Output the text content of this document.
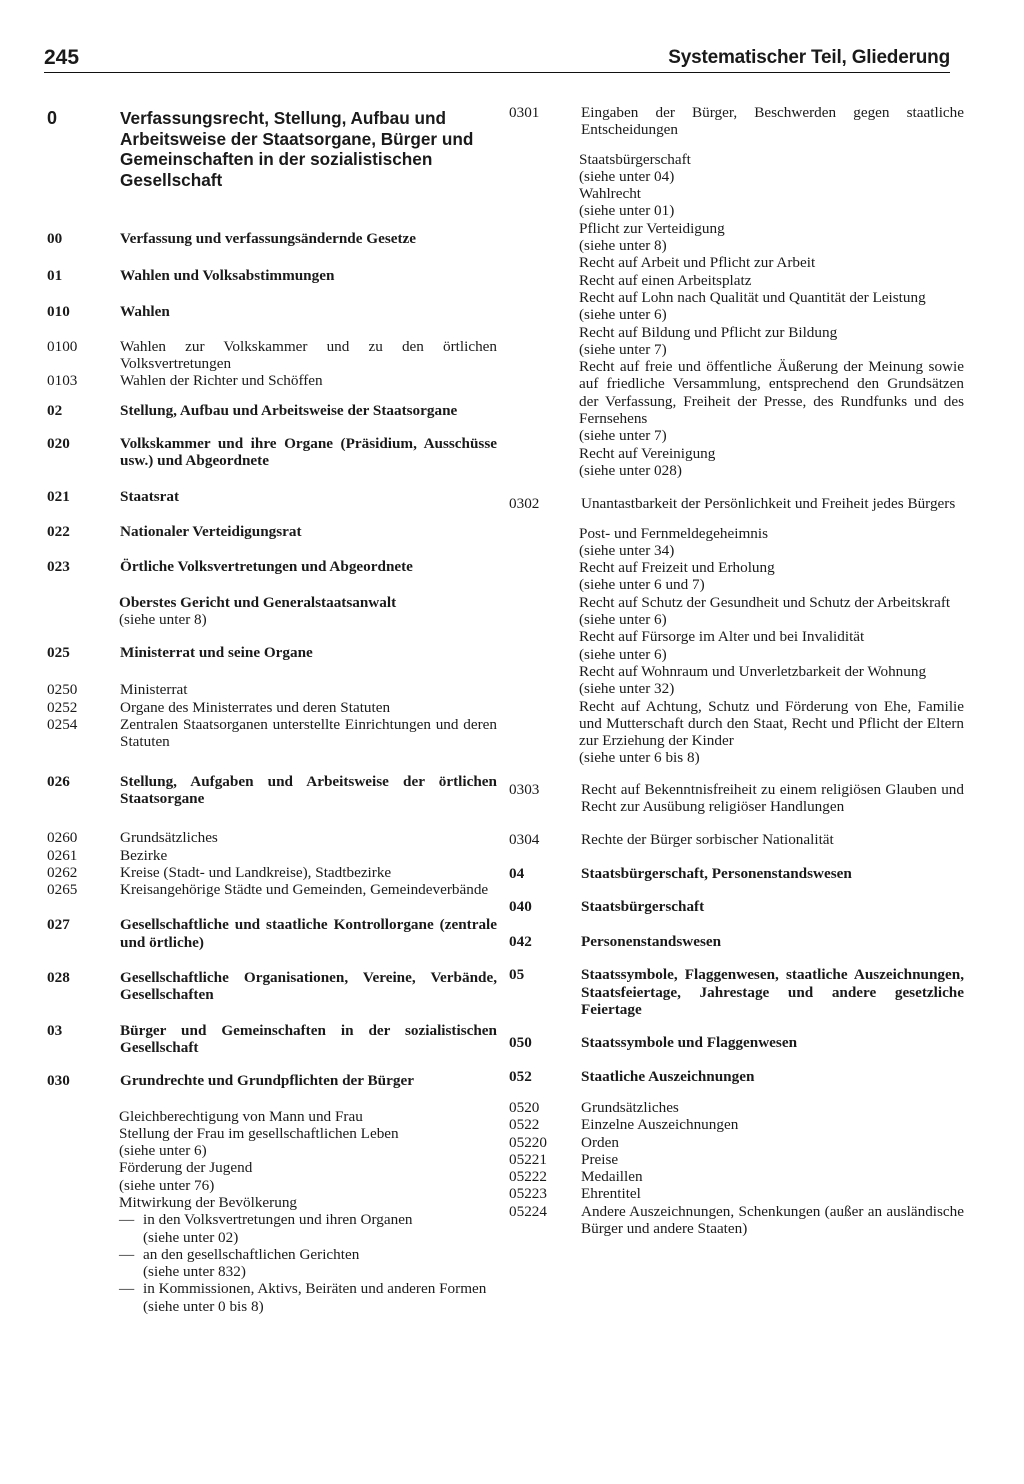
245	Systematischer Teil, Gliederung
0	Verfassungsrecht, Stellung, Aufbau und Arbeitsweise der Staatsorgane, Bürger und Gemeinschaften in der sozialistischen Gesellschaft
00	Verfassung und verfassungsändernde Gesetze
01	Wahlen und Volksabstimmungen
010	Wahlen
0100	Wahlen zur Volkskammer und zu den örtlichen Volksvertretungen
0103	Wahlen der Richter und Schöffen
02	Stellung, Aufbau und Arbeitsweise der Staatsorgane
020	Volkskammer und ihre Organe (Präsidium, Ausschüsse usw.) und Abgeordnete
021	Staatsrat
022	Nationaler Verteidigungsrat
023	Örtliche Volksvertretungen und Abgeordnete
Oberstes Gericht und Generalstaatsanwalt
(siehe unter 8)
025	Ministerrat und seine Organe
0250	Ministerrat
0252	Organe des Ministerrates und deren Statuten
0254	Zentralen Staatsorganen unterstellte Einrichtungen und deren Statuten
026	Stellung, Aufgaben und Arbeitsweise der örtlichen Staatsorgane
0260	Grundsätzliches
0261	Bezirke
0262	Kreise (Stadt- und Landkreise), Stadtbezirke
0265	Kreisangehörige Städte und Gemeinden, Gemeindeverbände
027	Gesellschaftliche und staatliche Kontrollorgane (zentrale und örtliche)
028	Gesellschaftliche Organisationen, Vereine, Verbände, Gesellschaften
03	Bürger und Gemeinschaften in der sozialistischen Gesellschaft
030	Grundrechte und Grundpflichten der Bürger
Gleichberechtigung von Mann und Frau
Stellung der Frau im gesellschaftlichen Leben
(siehe unter 6)
Förderung der Jugend
(siehe unter 76)
Mitwirkung der Bevölkerung
— in den Volksvertretungen und ihren Organen
(siehe unter 02)
— an den gesellschaftlichen Gerichten
(siehe unter 832)
— in Kommissionen, Aktivs, Beiräten und anderen Formen
(siehe unter 0 bis 8)
0301	Eingaben der Bürger, Beschwerden gegen staatliche Entscheidungen
Staatsbürgerschaft
(siehe unter 04)
Wahlrecht
(siehe unter 01)
Pflicht zur Verteidigung
(siehe unter 8)
Recht auf Arbeit und Pflicht zur Arbeit
Recht auf einen Arbeitsplatz
Recht auf Lohn nach Qualität und Quantität der Leistung
(siehe unter 6)
Recht auf Bildung und Pflicht zur Bildung
(siehe unter 7)
Recht auf freie und öffentliche Äußerung der Meinung sowie auf friedliche Versammlung, entsprechend den Grundsätzen der Verfassung, Freiheit der Presse, des Rundfunks und des Fernsehens
(siehe unter 7)
Recht auf Vereinigung
(siehe unter 028)
0302	Unantastbarkeit der Persönlichkeit und Freiheit jedes Bürgers
Post- und Fernmeldegeheimnis
(siehe unter 34)
Recht auf Freizeit und Erholung
(siehe unter 6 und 7)
Recht auf Schutz der Gesundheit und Schutz der Arbeitskraft
(siehe unter 6)
Recht auf Fürsorge im Alter und bei Invalidität
(siehe unter 6)
Recht auf Wohnraum und Unverletzbarkeit der Wohnung
(siehe unter 32)
Recht auf Achtung, Schutz und Förderung von Ehe, Familie und Mutterschaft durch den Staat, Recht und Pflicht der Eltern zur Erziehung der Kinder
(siehe unter 6 bis 8)
0303	Recht auf Bekenntnisfreiheit zu einem religiösen Glauben und Recht zur Ausübung religiöser Handlungen
0304	Rechte der Bürger sorbischer Nationalität
04	Staatsbürgerschaft, Personenstandswesen
040	Staatsbürgerschaft
042	Personenstandswesen
05	Staatssymbole, Flaggenwesen, staatliche Auszeichnungen, Staatsfeiertage, Jahrestage und andere gesetzliche Feiertage
050	Staatssymbole und Flaggenwesen
052	Staatliche Auszeichnungen
0520	Grundsätzliches
0522	Einzelne Auszeichnungen
05220	Orden
05221	Preise
05222	Medaillen
05223	Ehrentitel
05224	Andere Auszeichnungen, Schenkungen (außer an ausländische Bürger und andere Staaten)
